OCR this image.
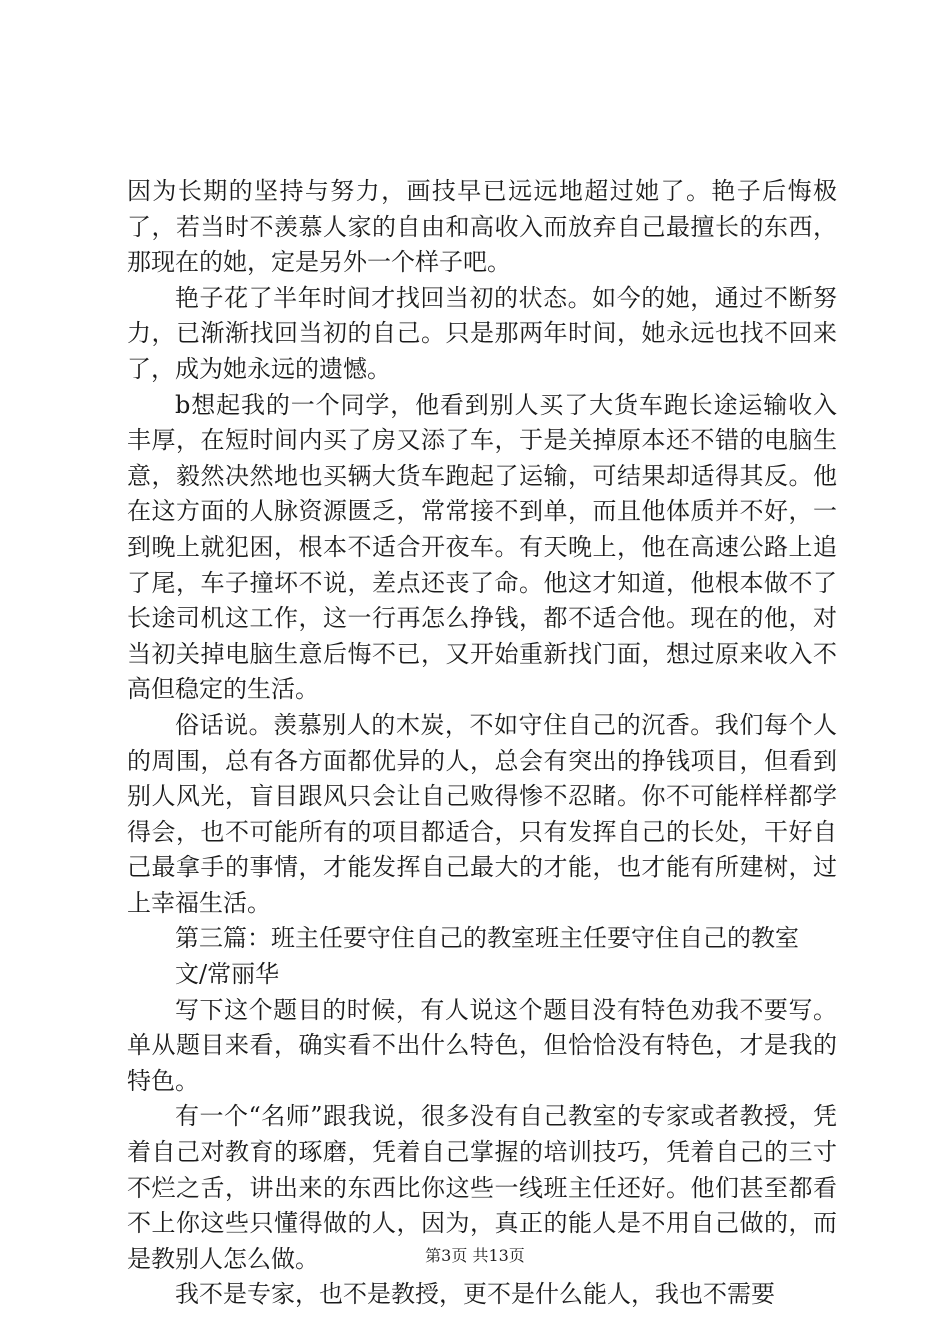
因为长期的坚持与努力，画技早已远远地超过她了。艳子后悔极了，若当时不羡慕人家的自由和高收入而放弃自己最擅长的东西，那现在的她，定是另外一个样子吧。

艳子花了半年时间才找回当初的状态。如今的她，通过不断努力，已渐渐找回当初的自己。只是那两年时间，她永远也找不回来了，成为她永远的遗憾。

b想起我的一个同学，他看到别人买了大货车跑长途运输收入丰厚，在短时间内买了房又添了车，于是关掉原本还不错的电脑生意，毅然决然地也买辆大货车跑起了运输，可结果却适得其反。他在这方面的人脉资源匮乏，常常接不到单，而且他体质并不好，一到晚上就犯困，根本不适合开夜车。有天晚上，他在高速公路上追了尾，车子撞坏不说，差点还丧了命。他这才知道，他根本做不了长途司机这工作，这一行再怎么挣钱，都不适合他。现在的他，对当初关掉电脑生意后悔不已，又开始重新找门面，想过原来收入不高但稳定的生活。

俗话说。羡慕别人的木炭，不如守住自己的沉香。我们每个人的周围，总有各方面都优异的人，总会有突出的挣钱项目，但看到别人风光，盲目跟风只会让自己败得惨不忍睹。你不可能样样都学得会，也不可能所有的项目都适合，只有发挥自己的长处，干好自己最拿手的事情，才能发挥自己最大的才能，也才能有所建树，过上幸福生活。

第三篇：班主任要守住自己的教室班主任要守住自己的教室

文/常丽华

写下这个题目的时候，有人说这个题目没有特色劝我不要写。单从题目来看，确实看不出什么特色，但恰恰没有特色，才是我的特色。

有一个“名师”跟我说，很多没有自己教室的专家或者教授，凭着自己对教育的琢磨，凭着自己掌握的培训技巧，凭着自己的三寸不烂之舌，讲出来的东西比你这些一线班主任还好。他们甚至都看不上你这些只懂得做的人，因为，真正的能人是不用自己做的，而是教别人怎么做。

我不是专家，也不是教授，更不是什么能人，我也不需要

第3页 共13页
